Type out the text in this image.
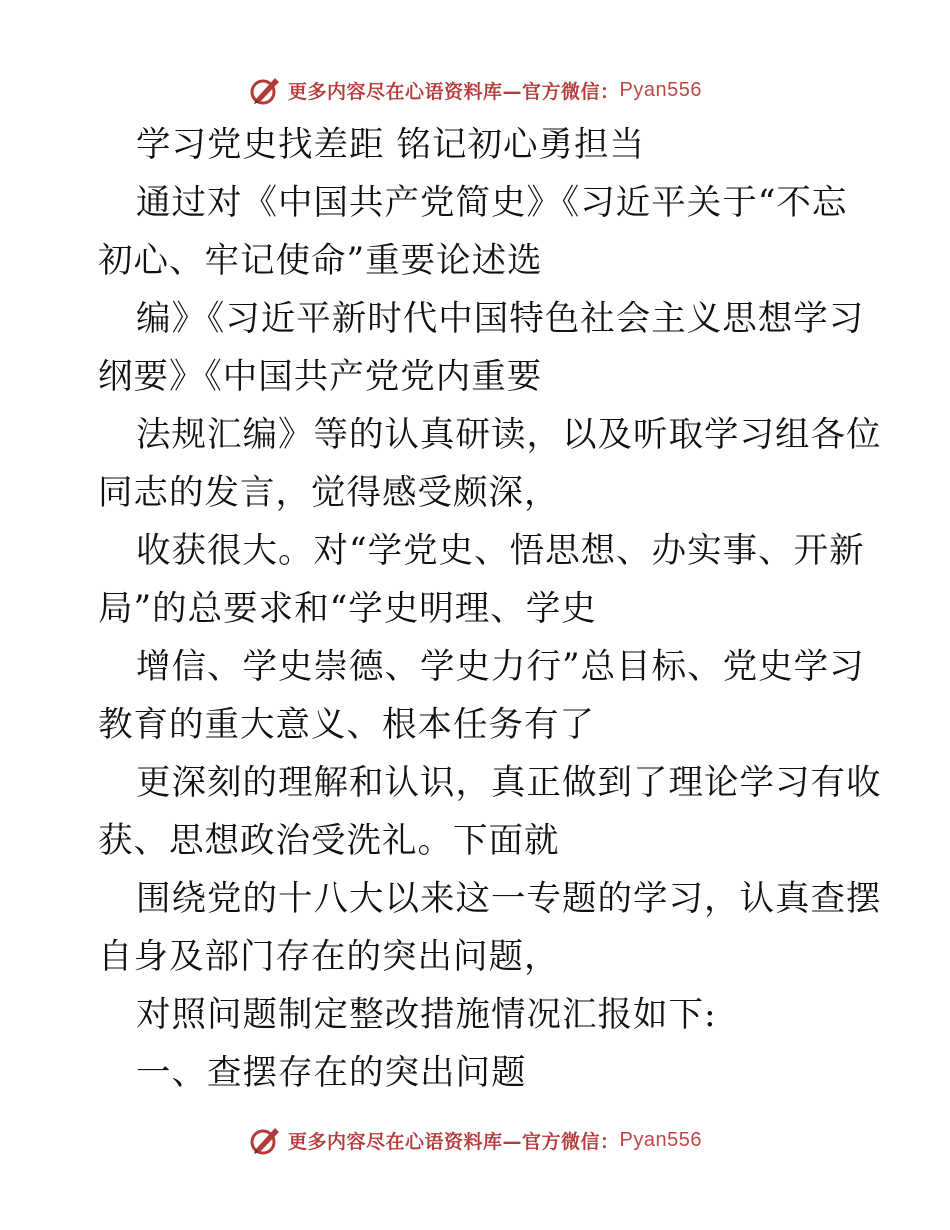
更多内容尽在心语资料库—官方微信： Pyan556
学习党史找差距 铭记初心勇担当
通过对《中国共产党简史》《习近平关于“不忘
初心、牢记使命”重要论述选
编》《习近平新时代中国特色社会主义思想学习
纲要》《中国共产党党内重要
法规汇编》等的认真研读，以及听取学习组各位
同志的发言，觉得感受颇深，
收获很大。对“学党史、悟思想、办实事、开新
局”的总要求和“学史明理、学史
增信、学史崇德、学史力行”总目标、党史学习
教育的重大意义、根本任务有了
更深刻的理解和认识，真正做到了理论学习有收
获、思想政治受洗礼。下面就
围绕党的十八大以来这一专题的学习，认真查摆
自身及部门存在的突出问题，
对照问题制定整改措施情况汇报如下:
一、查摆存在的突出问题
更多内容尽在心语资料库—官方微信： Pyan556
